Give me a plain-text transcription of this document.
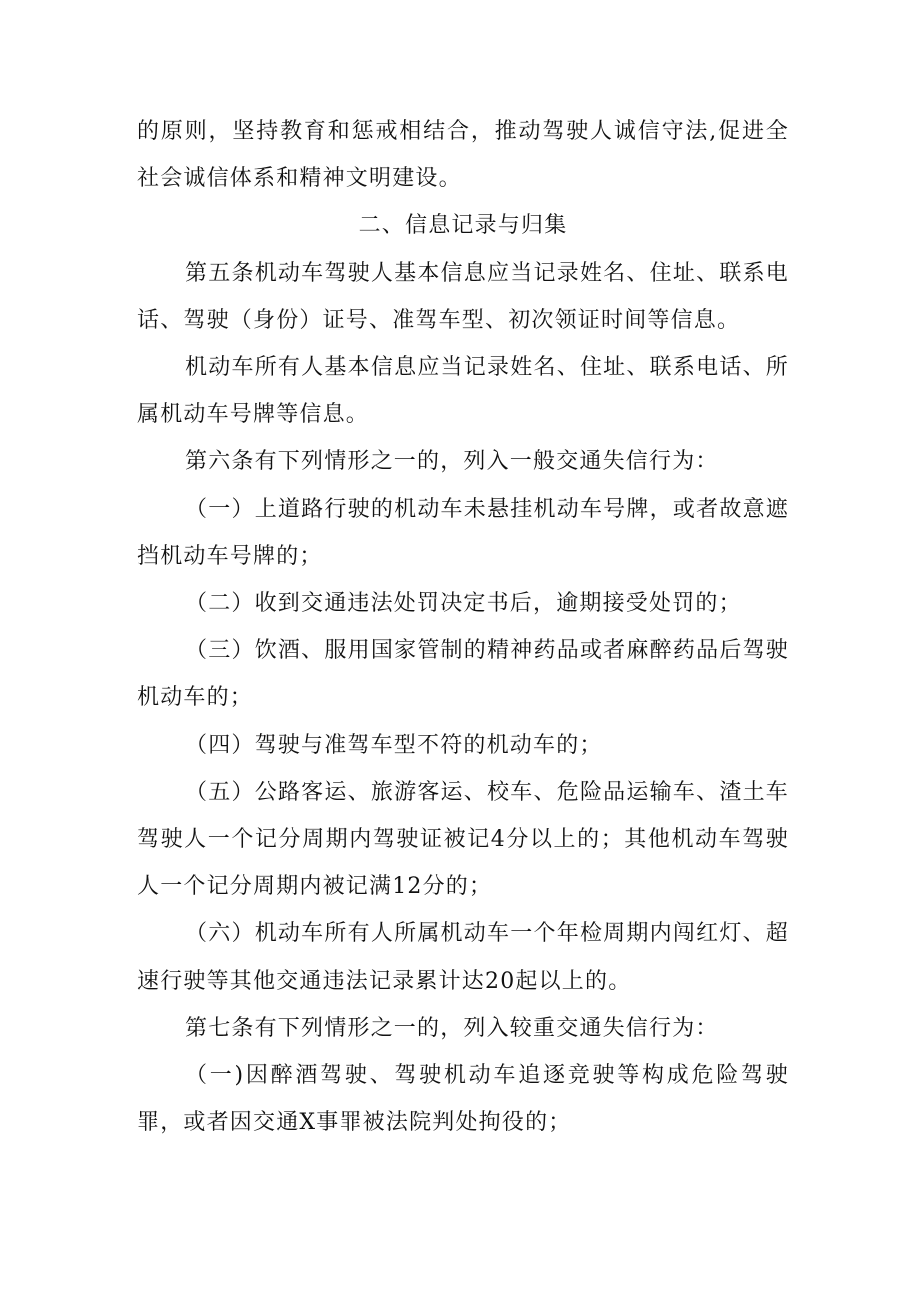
的原则，坚持教育和惩戒相结合，推动驾驶人诚信守法,促进全社会诚信体系和精神文明建设。

二、信息记录与归集

第五条机动车驾驶人基本信息应当记录姓名、住址、联系电话、驾驶（身份）证号、准驾车型、初次领证时间等信息。

机动车所有人基本信息应当记录姓名、住址、联系电话、所属机动车号牌等信息。

第六条有下列情形之一的，列入一般交通失信行为：

（一）上道路行驶的机动车未悬挂机动车号牌，或者故意遮挡机动车号牌的；

（二）收到交通违法处罚决定书后，逾期接受处罚的；

（三）饮酒、服用国家管制的精神药品或者麻醉药品后驾驶机动车的；

（四）驾驶与准驾车型不符的机动车的；

（五）公路客运、旅游客运、校车、危险品运输车、渣土车驾驶人一个记分周期内驾驶证被记4分以上的；其他机动车驾驶人一个记分周期内被记满12分的；

（六）机动车所有人所属机动车一个年检周期内闯红灯、超速行驶等其他交通违法记录累计达20起以上的。

第七条有下列情形之一的，列入较重交通失信行为：

（一)因醉酒驾驶、驾驶机动车追逐竞驶等构成危险驾驶罪，或者因交通X事罪被法院判处拘役的；
